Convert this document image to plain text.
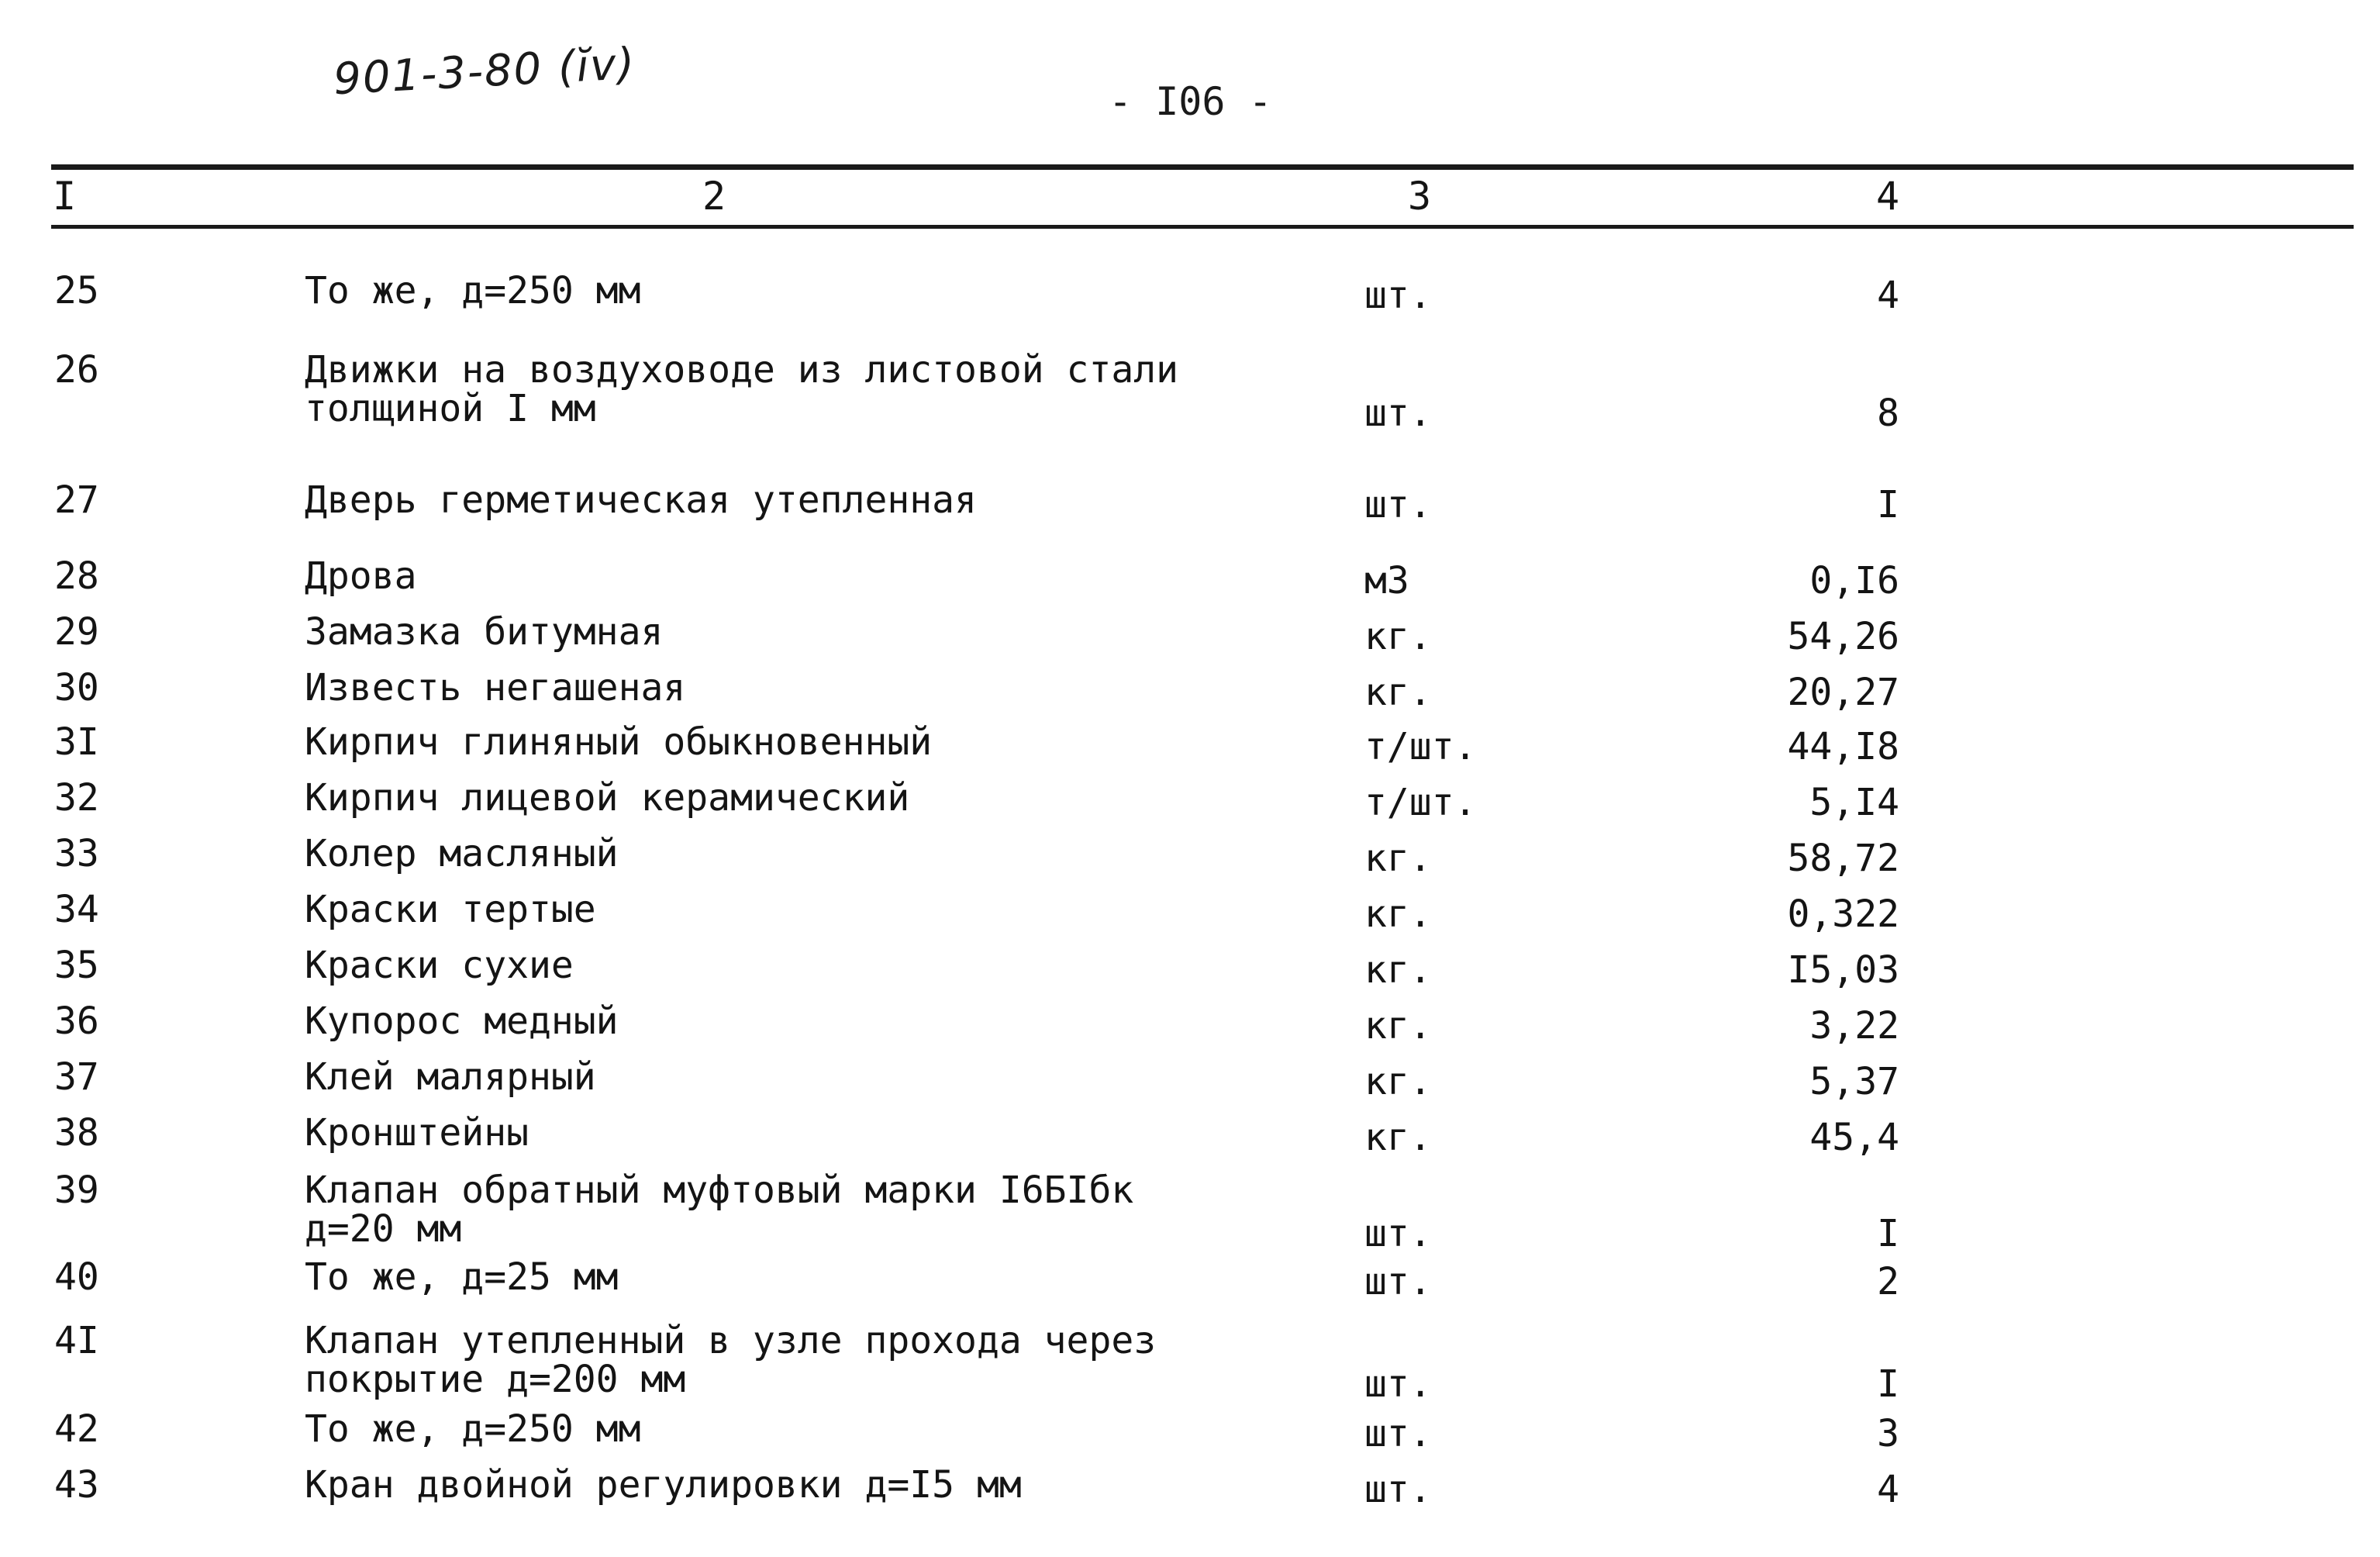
901-3-80 (ĭv)	- I06 -
I	2	3	4
25	То же, д=250 мм	шт.	4
26	Движки на воздуховоде из листовой стали
толщиной I мм	шт.	8
27	Дверь герметическая утепленная	шт.	I
28	Дрова	м3	0,I6
29	Замазка битумная	кг.	54,26
30	Известь негашеная	кг.	20,27
3I	Кирпич глиняный обыкновенный	т/шт.	44,I8
32	Кирпич лицевой керамический	т/шт.	5,I4
33	Колер масляный	кг.	58,72
34	Краски тертые	кг.	0,322
35	Краски сухие	кг.	I5,03
36	Купорос медный	кг.	3,22
37	Клей малярный	кг.	5,37
38	Кронштейны	кг.	45,4
39	Клапан обратный муфтовый марки I6БIбк
д=20 мм	шт.	I
40	То же, д=25 мм	шт.	2
4I	Клапан утепленный в узле прохода через
покрытие д=200 мм	шт.	I
42	То же, д=250 мм	шт.	3
43	Кран двойной регулировки д=I5 мм	шт.	4
